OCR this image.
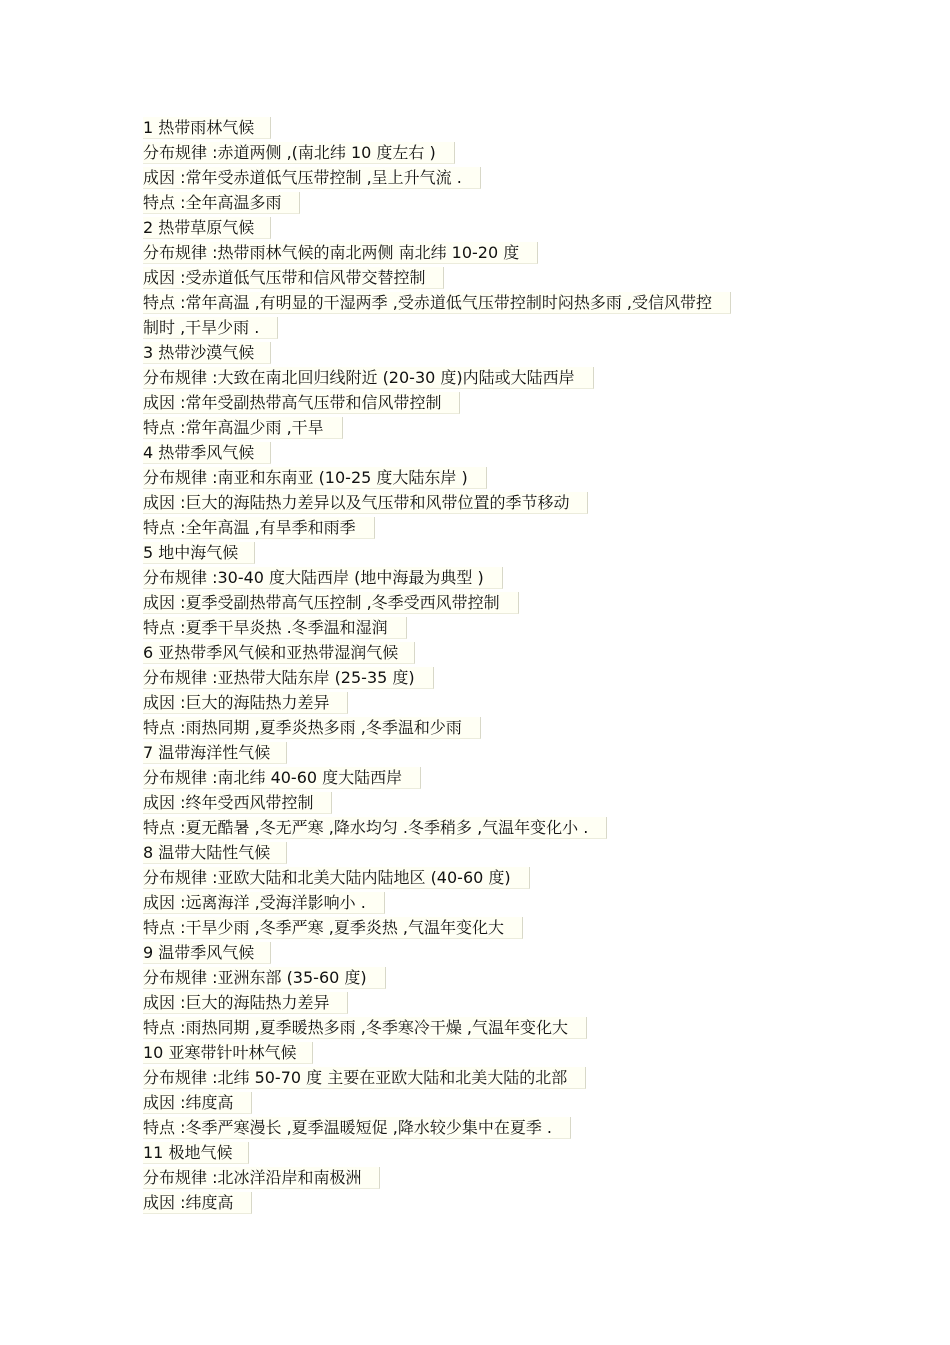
1 热带雨林气候
分布规律 :赤道两侧 ,(南北纬 10 度左右 )
成因 :常年受赤道低气压带控制 ,呈上升气流 .
特点 :全年高温多雨
2 热带草原气候
分布规律 :热带雨林气候的南北两侧 南北纬 10-20 度
成因 :受赤道低气压带和信风带交替控制
特点 :常年高温 ,有明显的干湿两季 ,受赤道低气压带控制时闷热多雨 ,受信风带控
制时 ,干旱少雨 .
3 热带沙漠气候
分布规律 :大致在南北回归线附近 (20-30 度)内陆或大陆西岸
成因 :常年受副热带高气压带和信风带控制
特点 :常年高温少雨 ,干旱
4 热带季风气候
分布规律 :南亚和东南亚 (10-25 度大陆东岸 )
成因 :巨大的海陆热力差异以及气压带和风带位置的季节移动
特点 :全年高温 ,有旱季和雨季
5 地中海气候
分布规律 :30-40 度大陆西岸 (地中海最为典型 )
成因 :夏季受副热带高气压控制 ,冬季受西风带控制
特点 :夏季干旱炎热 .冬季温和湿润
6 亚热带季风气候和亚热带湿润气候
分布规律 :亚热带大陆东岸 (25-35 度)
成因 :巨大的海陆热力差异
特点 :雨热同期 ,夏季炎热多雨 ,冬季温和少雨
7 温带海洋性气候
分布规律 :南北纬 40-60 度大陆西岸
成因 :终年受西风带控制
特点 :夏无酷暑 ,冬无严寒 ,降水均匀 .冬季稍多 ,气温年变化小 .
8 温带大陆性气候
分布规律 :亚欧大陆和北美大陆内陆地区 (40-60 度)
成因 :远离海洋 ,受海洋影响小 .
特点 :干旱少雨 ,冬季严寒 ,夏季炎热 ,气温年变化大
9 温带季风气候
分布规律 :亚洲东部 (35-60 度)
成因 :巨大的海陆热力差异
特点 :雨热同期 ,夏季暖热多雨 ,冬季寒冷干燥 ,气温年变化大
10 亚寒带针叶林气候
分布规律 :北纬 50-70 度 主要在亚欧大陆和北美大陆的北部
成因 :纬度高
特点 :冬季严寒漫长 ,夏季温暖短促 ,降水较少集中在夏季 .
11 极地气候
分布规律 :北冰洋沿岸和南极洲
成因 :纬度高
